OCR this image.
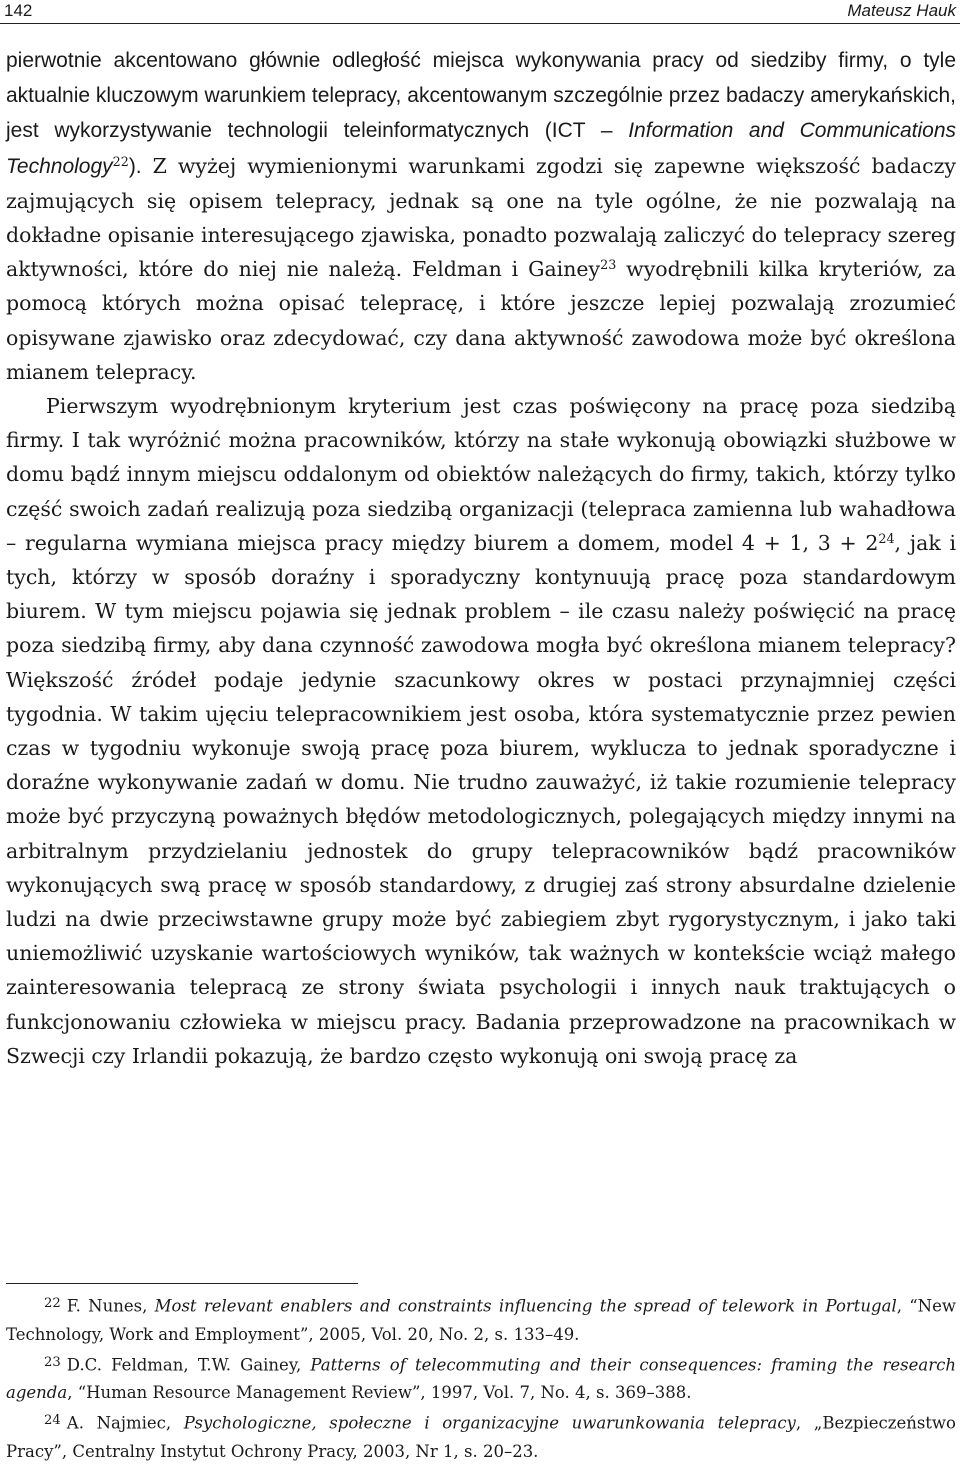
142	Mateusz Hauk

pierwotnie akcentowano głównie odległość miejsca wykonywania pracy od siedziby firmy, o tyle aktualnie kluczowym warunkiem telepracy, akcentowanym szczególnie przez badaczy amerykańskich, jest wykorzystywanie technologii teleinformatycznych (ICT – Information and Communications Technology$^{22}$). Z wyżej wymienionymi warunkami zgodzi się zapewne większość badaczy zajmujących się opisem telepracy, jednak są one na tyle ogólne, że nie pozwalają na dokładne opisanie interesującego zjawiska, ponadto pozwalają zaliczyć do telepracy szereg aktywności, które do niej nie należą. Feldman i Gainey$^{23}$ wyodrębnili kilka kryteriów, za pomocą których można opisać telepracę, i które jeszcze lepiej pozwalają zrozumieć opisywane zjawisko oraz zdecydować, czy dana aktywność zawodowa może być określona mianem telepracy.

Pierwszym wyodrębnionym kryterium jest czas poświęcony na pracę poza siedzibą firmy. I tak wyróżnić można pracowników, którzy na stałe wykonują obowiązki służbowe w domu bądź innym miejscu oddalonym od obiektów należących do firmy, takich, którzy tylko część swoich zadań realizują poza siedzibą organizacji (telepraca zamienna lub wahadłowa – regularna wymiana miejsca pracy między biurem a domem, model 4 + 1, $3 + 2^{24}$, jak i tych, którzy w sposób doraźny i sporadyczny kontynuują pracę poza standardowym biurem. W tym miejscu pojawia się jednak problem – ile czasu należy poświęcić na pracę poza siedzibą firmy, aby dana czynność zawodowa mogła być określona mianem telepracy? Większość źródeł podaje jedynie szacunkowy okres w postaci przynajmniej części tygodnia. W takim ujęciu telepracownikiem jest osoba, która systematycznie przez pewien czas w tygodniu wykonuje swoją pracę poza biurem, wyklucza to jednak sporadyczne i doraźne wykonywanie zadań w domu. Nie trudno zauważyć, iż takie rozumienie telepracy może być przyczyną poważnych błędów metodologicznych, polegających między innymi na arbitralnym przydzielaniu jednostek do grupy telepracowników bądź pracowników wykonujących swą pracę w sposób standardowy, z drugiej zaś strony absurdalne dzielenie ludzi na dwie przeciwstawne grupy może być zabiegiem zbyt rygorystycznym, i jako taki uniemożliwić uzyskanie wartościowych wyników, tak ważnych w kontekście wciąż małego zainteresowania telepracą ze strony świata psychologii i innych nauk traktujących o funkcjonowaniu człowieka w miejscu pracy. Badania przeprowadzone na pracownikach w Szwecji czy Irlandii pokazują, że bardzo często wykonują oni swoją pracę za

$^{22}$ F. Nunes, Most relevant enablers and constraints influencing the spread of telework in Portugal, “New Technology, Work and Employment”, 2005, Vol. 20, No. 2, s. 133–49.

$^{23}$ D.C. Feldman, T.W. Gainey, Patterns of telecommuting and their consequences: framing the research agenda, “Human Resource Management Review”, 1997, Vol. 7, No. 4, s. 369–388.

$^{24}$ A. Najmiec, Psychologiczne, społeczne i organizacyjne uwarunkowania telepracy, „Bezpieczeństwo Pracy”, Centralny Instytut Ochrony Pracy, 2003, Nr 1, s. 20–23.
